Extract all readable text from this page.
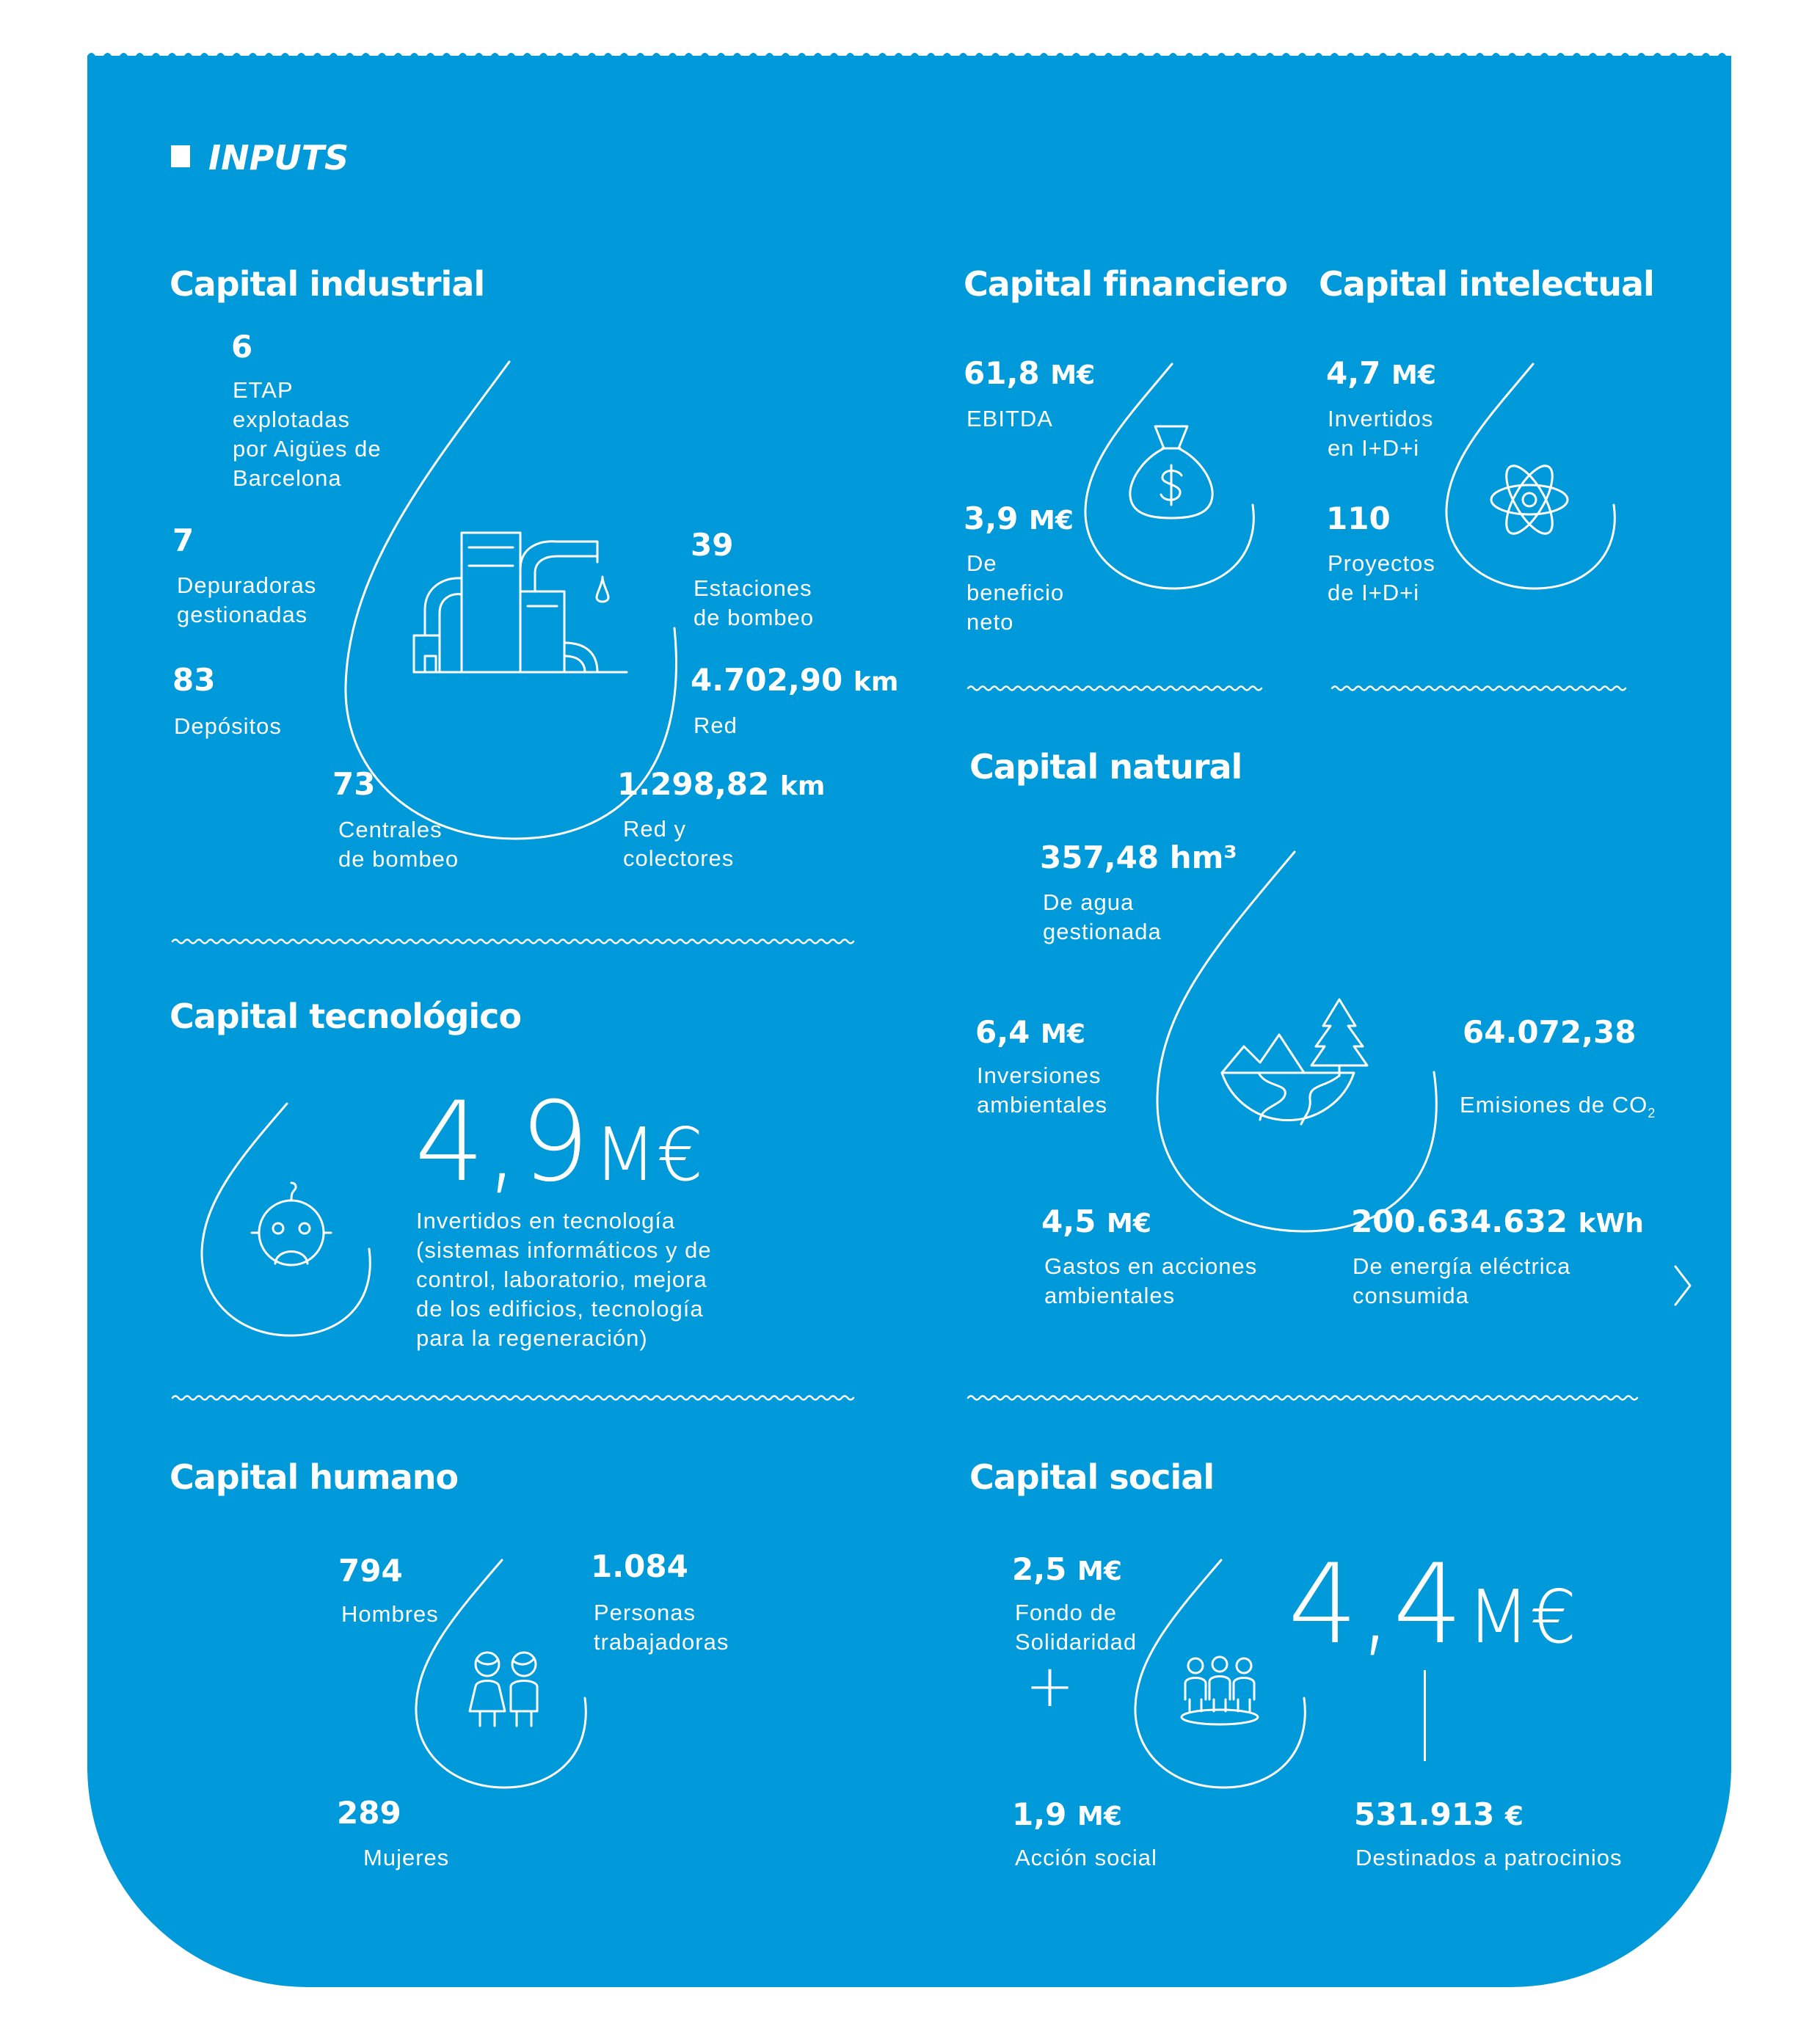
INPUTS
Capital industrial
6
ETAP
explotadas
por Aigües de
Barcelona
7
Depuradoras
gestionadas
83
Depósitos
73
Centrales
de bombeo
39
Estaciones
de bombeo
4.702,90 km
Red
1.298,82 km
Red y
colectores
Capital financiero
61,8 M€
EBITDA
3,9 M€
De
beneficio
neto
Capital intelectual
4,7 M€
Invertidos
en I+D+i
110
Proyectos
de I+D+i
Capital tecnológico
4,9 M€
Invertidos en tecnología
(sistemas informáticos y de
control, laboratorio, mejora
de los edificios, tecnología
para la regeneración)
Capital natural
357,48 hm³
De agua
gestionada
6,4 M€
Inversiones
ambientales
64.072,38

Emisiones de $CO_2$

4,5 M€
Gastos en acciones
ambientales
200.634.632 kWh
De energía eléctrica
consumida
Capital humano
794
Hombres
1.084
Personas
trabajadoras
289
Mujeres
Capital social
2,5 M€
Fondo de
Solidaridad
+
1,9 M€
Acción social
4,4 M€
531.913 €
Destinados a patrocinios
